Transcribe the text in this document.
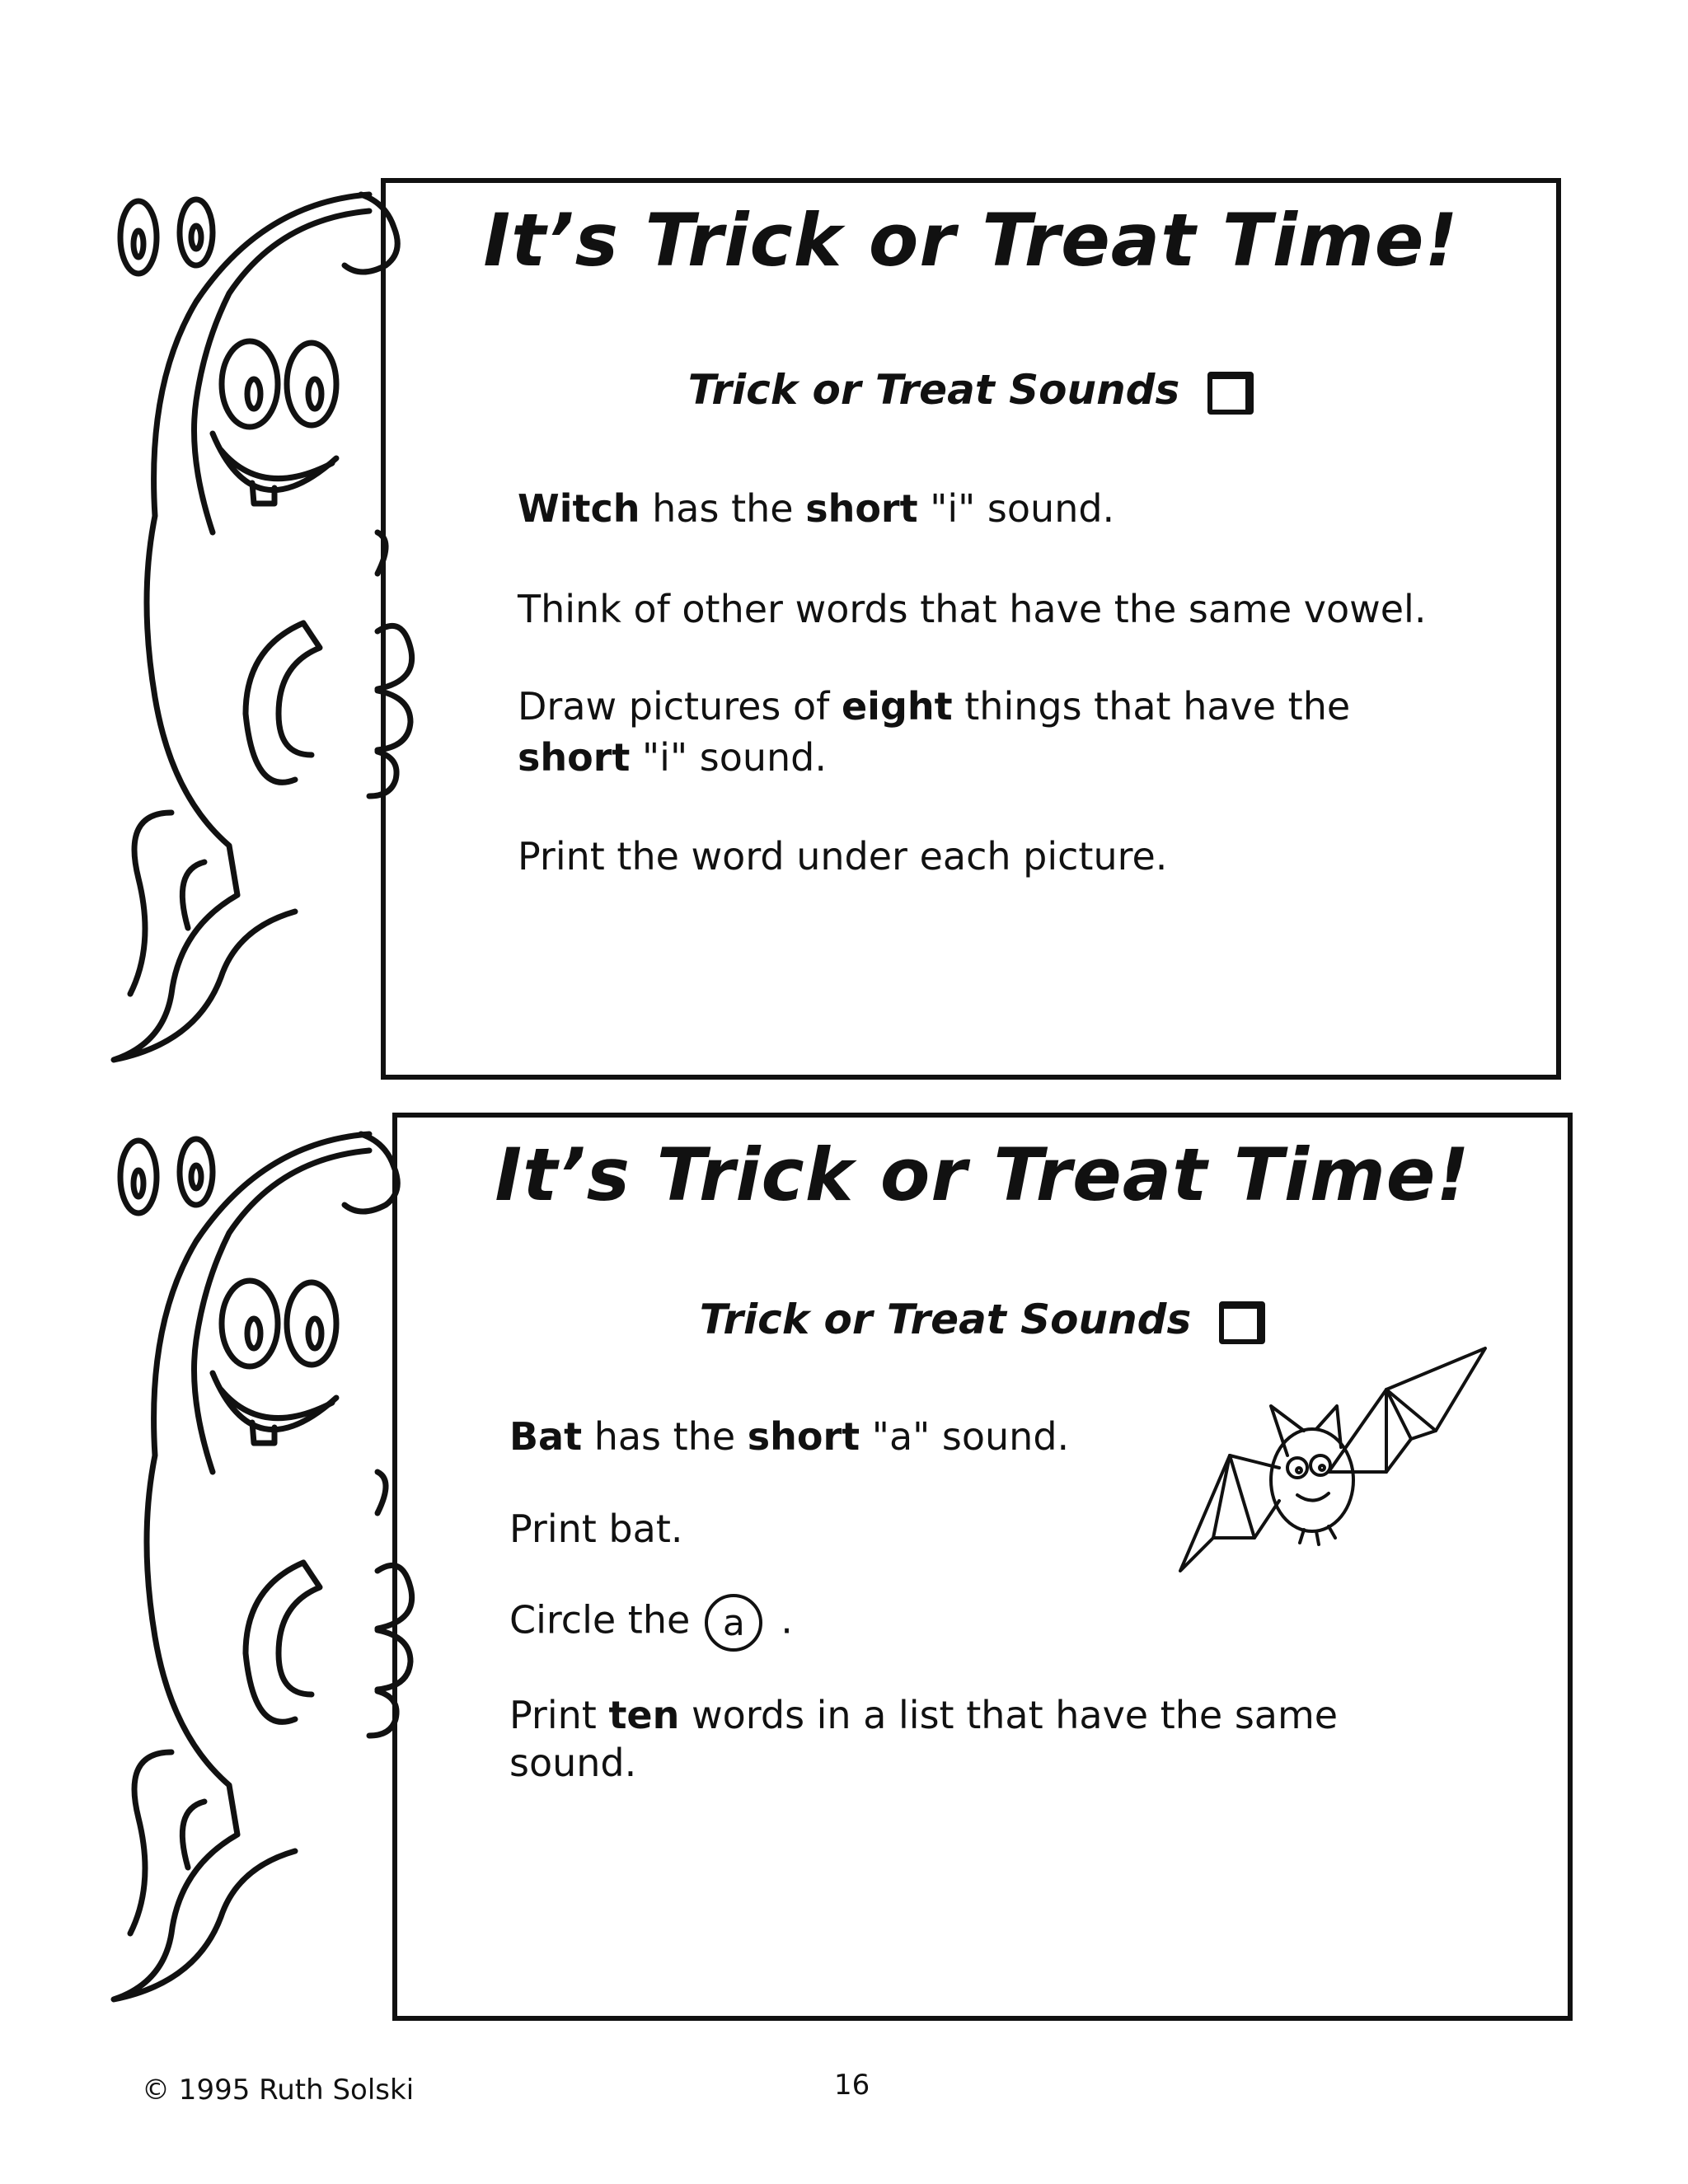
It’s Trick or Treat Time!
Trick or Treat Sounds
Witch has the short "i" sound.
Think of other words that have the same vowel.
Draw pictures of eight things that have the
short "i" sound.
Print the word under each picture.
It’s Trick or Treat Time!
Trick or Treat Sounds
Bat has the short "a" sound.
Print bat.
Circle the a .
Print ten words in a list that have the same
sound.
© 1995 Ruth Solski	16
